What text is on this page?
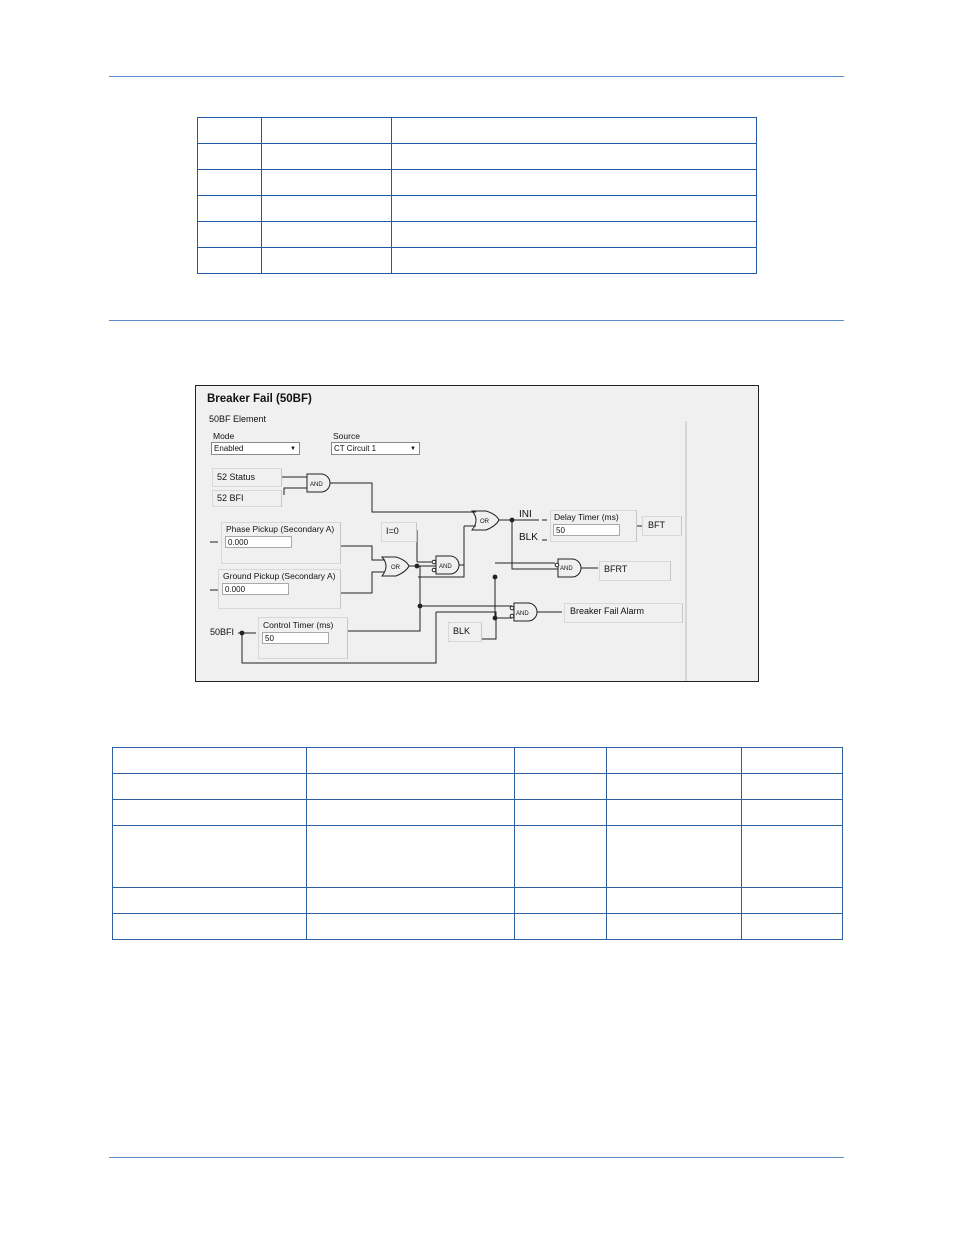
AND
OR
OR	AND
AND
AND
Breaker Fail (50BF)
50BF Element
Mode
Enabled	▼
Source
CT Circuit 1	▼
52 Status
52 BFI
Phase Pickup (Secondary A)
0.000
Ground Pickup (Secondary A)
0.000
I=0
INI
BLK
Delay Timer (ms)
50
BFT
BFRT
Breaker Fail Alarm
BLK
50BFI
Control Timer (ms)
50
